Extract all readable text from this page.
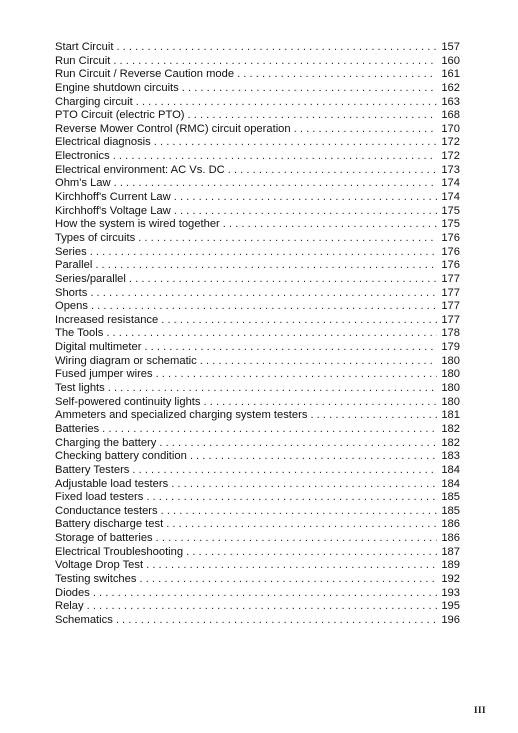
Start Circuit . . .	157
Run Circuit . . .	160
Run Circuit / Reverse Caution mode . . .	161
Engine shutdown circuits . . .	162
Charging circuit . . .	163
PTO Circuit (electric PTO) . . .	168
Reverse Mower Control (RMC) circuit operation . . .	170
Electrical diagnosis . . .	172
Electronics . . .	172
Electrical environment: AC Vs. DC . . .	173
Ohm's Law . . .	174
Kirchhoff's Current Law . . .	174
Kirchhoff's Voltage Law . . .	175
How the system is wired together . . .	175
Types of circuits . . .	176
Series . . .	176
Parallel . . .	176
Series/parallel . . .	177
Shorts . . .	177
Opens . . .	177
Increased resistance . . .	177
The Tools . . .	178
Digital multimeter . . .	179
Wiring diagram or schematic . . .	180
Fused jumper wires . . .	180
Test lights . . .	180
Self-powered continuity lights . . .	180
Ammeters and specialized charging system testers . . .	181
Batteries . . .	182
Charging the battery . . .	182
Checking battery condition . . .	183
Battery Testers . . .	184
Adjustable load testers . . .	184
Fixed load testers . . .	185
Conductance testers . . .	185
Battery discharge test . . .	186
Storage of batteries . . .	186
Electrical Troubleshooting . . .	187
Voltage Drop Test . . .	189
Testing switches . . .	192
Diodes . . .	193
Relay . . .	195
Schematics . . .	196
III
